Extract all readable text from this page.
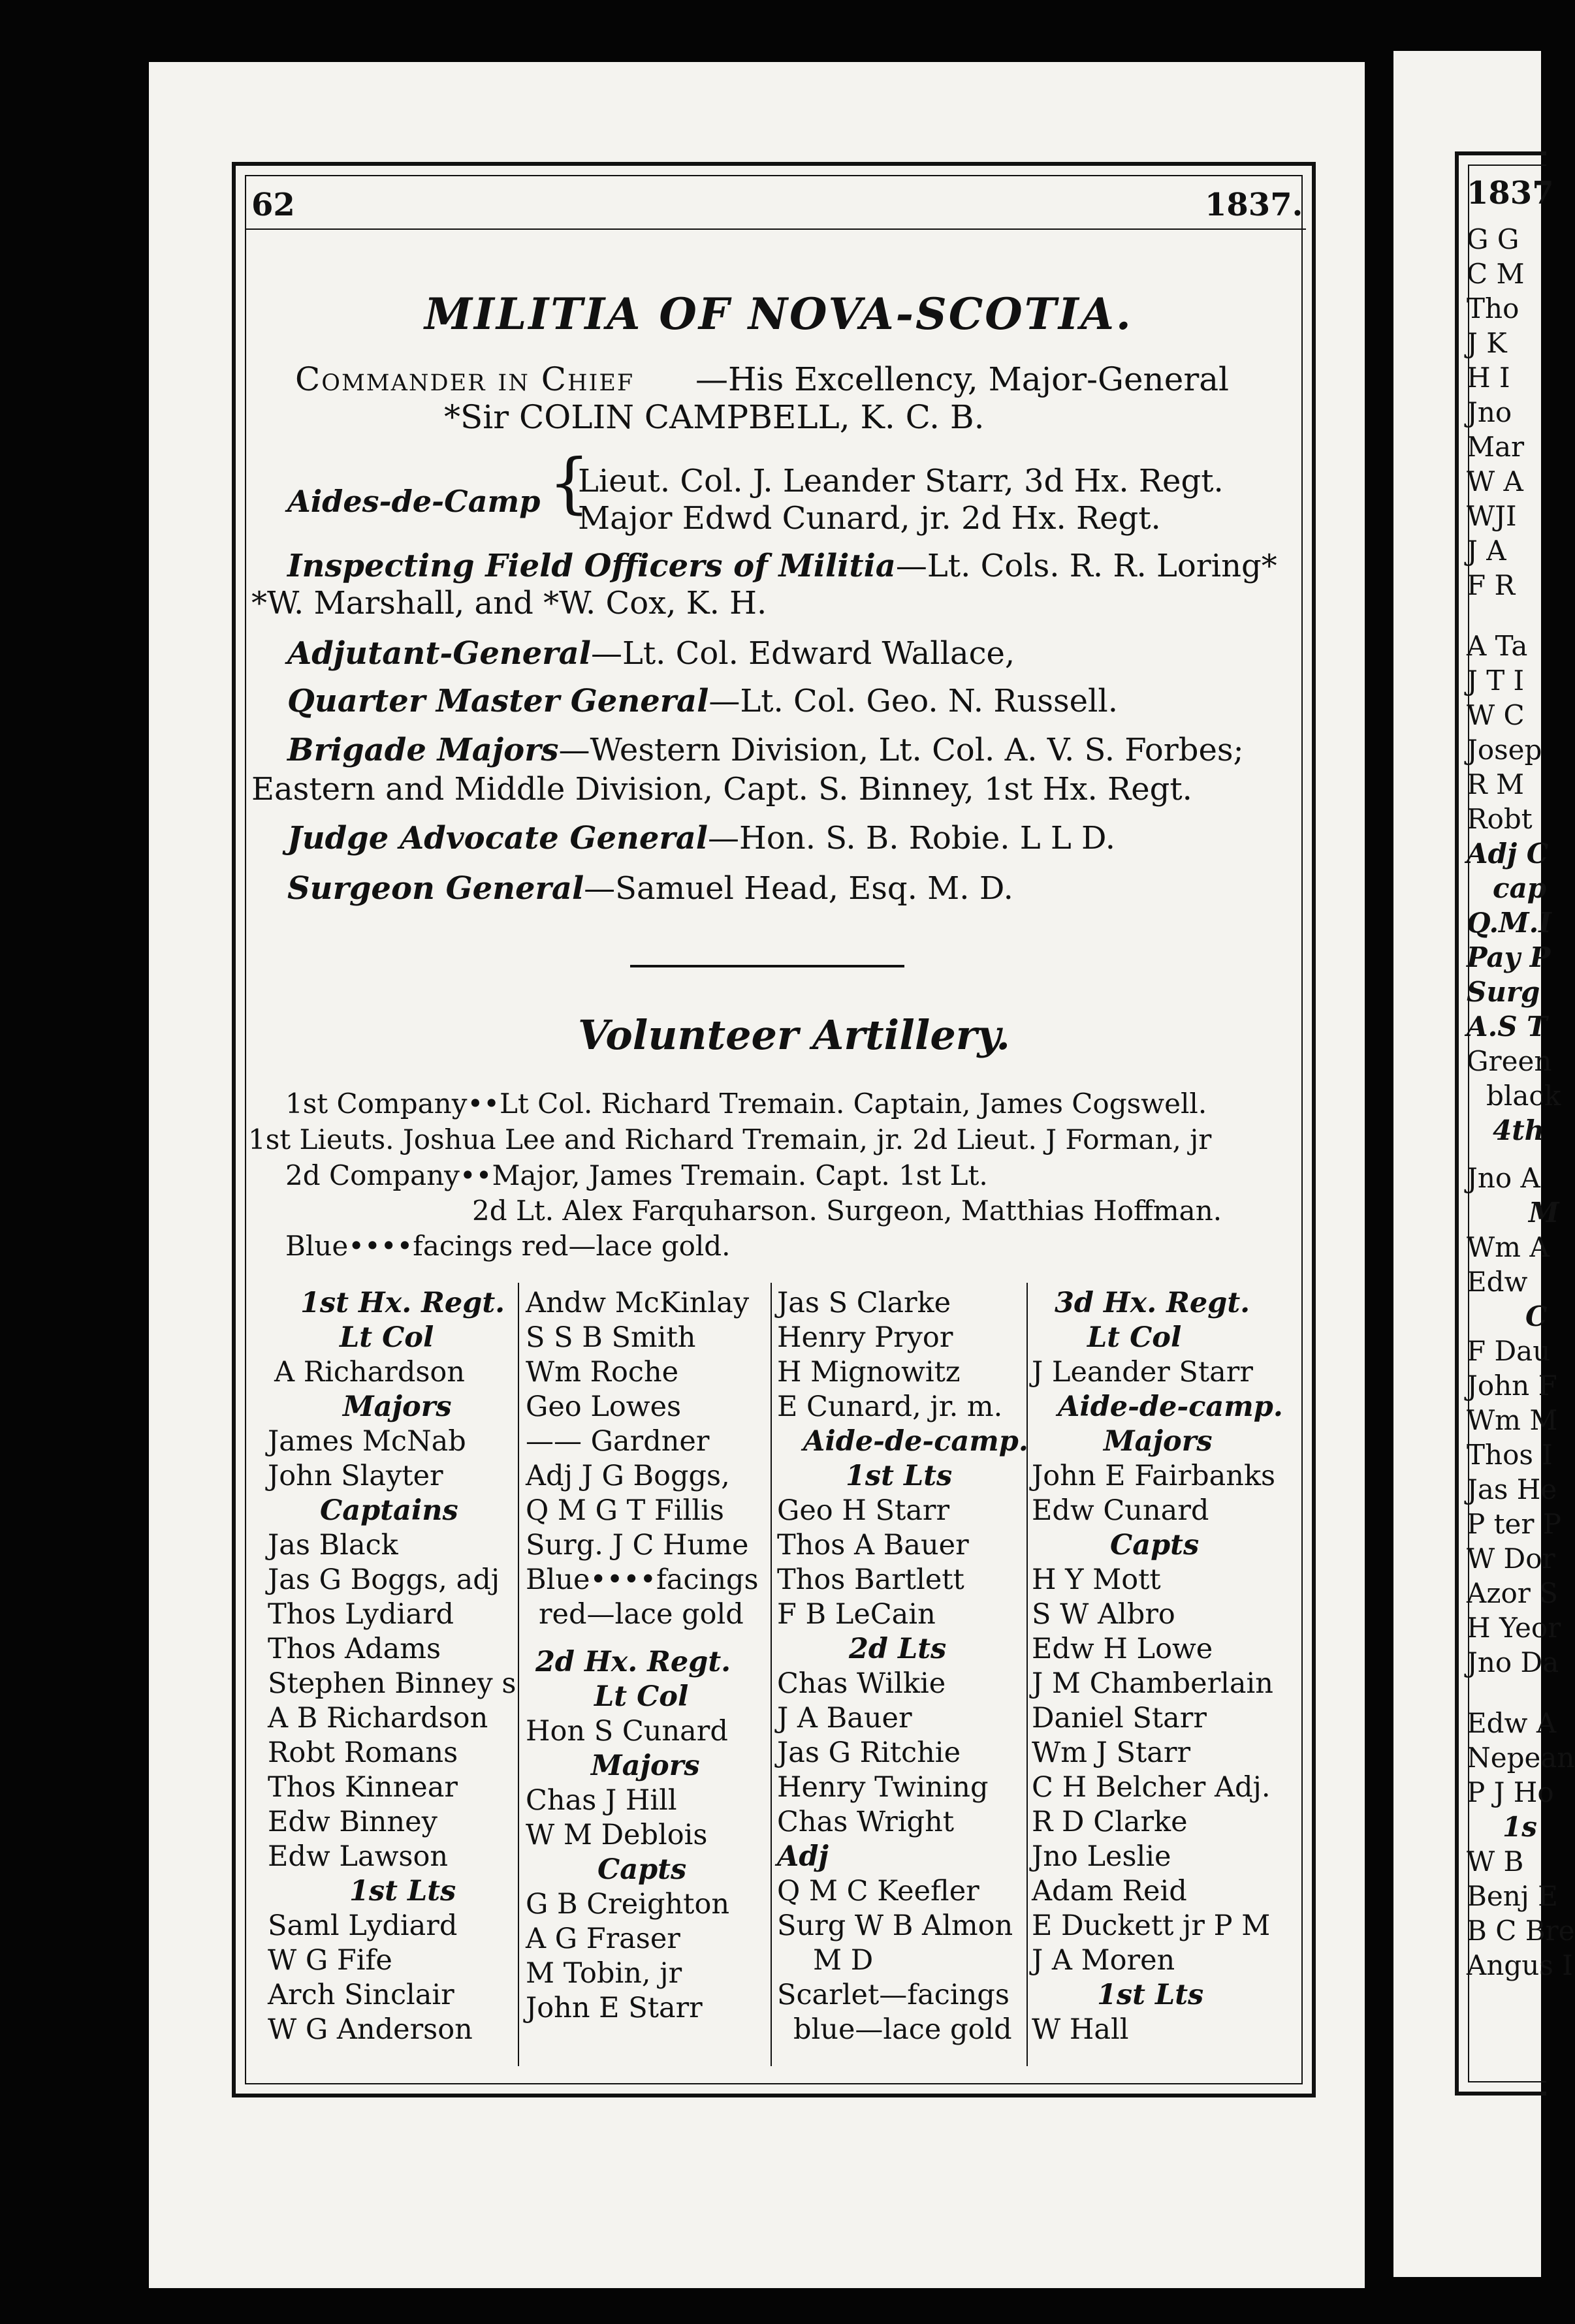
62	1837.
MILITIA OF NOVA-SCOTIA.
Commander in Chief —His Excellency, Major-General
*Sir COLIN CAMPBELL, K. C. B.
Aides-de-Camp {
Lieut. Col. J. Leander Starr, 3d Hx. Regt.
Major Edwd Cunard, jr. 2d Hx. Regt.
Inspecting Field Officers of Militia—Lt. Cols. R. R. Loring*
*W. Marshall, and *W. Cox, K. H.
Adjutant-General—Lt. Col. Edward Wallace,
Quarter Master General—Lt. Col. Geo. N. Russell.
Brigade Majors—Western Division, Lt. Col. A. V. S. Forbes;
Eastern and Middle Division, Capt. S. Binney, 1st Hx. Regt.
Judge Advocate General—Hon. S. B. Robie. L L D.
Surgeon General—Samuel Head, Esq. M. D.
Volunteer Artillery.
1st Company••Lt Col. Richard Tremain. Captain, James Cogswell.
1st Lieuts. Joshua Lee and Richard Tremain, jr. 2d Lieut. J Forman, jr
2d Company••Major, James Tremain. Capt. 1st Lt.
2d Lt. Alex Farquharson. Surgeon, Matthias Hoffman.
Blue••••facings red—lace gold.
1st Hx. Regt.
Lt Col
A Richardson
Majors
James McNab
John Slayter
Captains
Jas Black
Jas G Boggs, adj
Thos Lydiard
Thos Adams
Stephen Binney s
A B Richardson
Robt Romans
Thos Kinnear
Edw Binney
Edw Lawson
1st Lts
Saml Lydiard
W G Fife
Arch Sinclair
W G Anderson
Andw McKinlay
S S B Smith
Wm Roche
Geo Lowes
—— Gardner
Adj J G Boggs,
Q M G T Fillis
Surg. J C Hume
Blue••••facings
red—lace gold
2d Hx. Regt.
Lt Col
Hon S Cunard
Majors
Chas J Hill
W M Deblois
Capts
G B Creighton
A G Fraser
M Tobin, jr
John E Starr
Jas S Clarke
Henry Pryor
H Mignowitz
E Cunard, jr. m.
Aide-de-camp.
1st Lts
Geo H Starr
Thos A Bauer
Thos Bartlett
F B LeCain
2d Lts
Chas Wilkie
J A Bauer
Jas G Ritchie
Henry Twining
Chas Wright
Adj
Q M C Keefler
Surg W B Almon
M D
Scarlet—facings
blue—lace gold
3d Hx. Regt.
Lt Col
J Leander Starr
Aide-de-camp.
Majors
John E Fairbanks
Edw Cunard
Capts
H Y Mott
S W Albro
Edw H Lowe
J M Chamberlain
Daniel Starr
Wm J Starr
C H Belcher Adj.
R D Clarke
Jno Leslie
Adam Reid
E Duckett jr P M
J A Moren
1st Lts
W Hall
1837
G G
C M
Tho
J K
H I
Jno
Mar
W A
WJI
J A
F R
A Ta
J T I
W C
Josep
R M
Robt
Adj C
cap
Q.M.I
Pay P
Surg
A.S T
Green
black
4th
Jno A
M
Wm A
Edw
C
F Dau
John F
Wm M
Thos I
Jas He
P ter P
W Dor
Azor S
H Yeor
Jno Da
Edw A
Nepean
P J Ho
1s
W B
Benj E
B C Bre
Angus I
